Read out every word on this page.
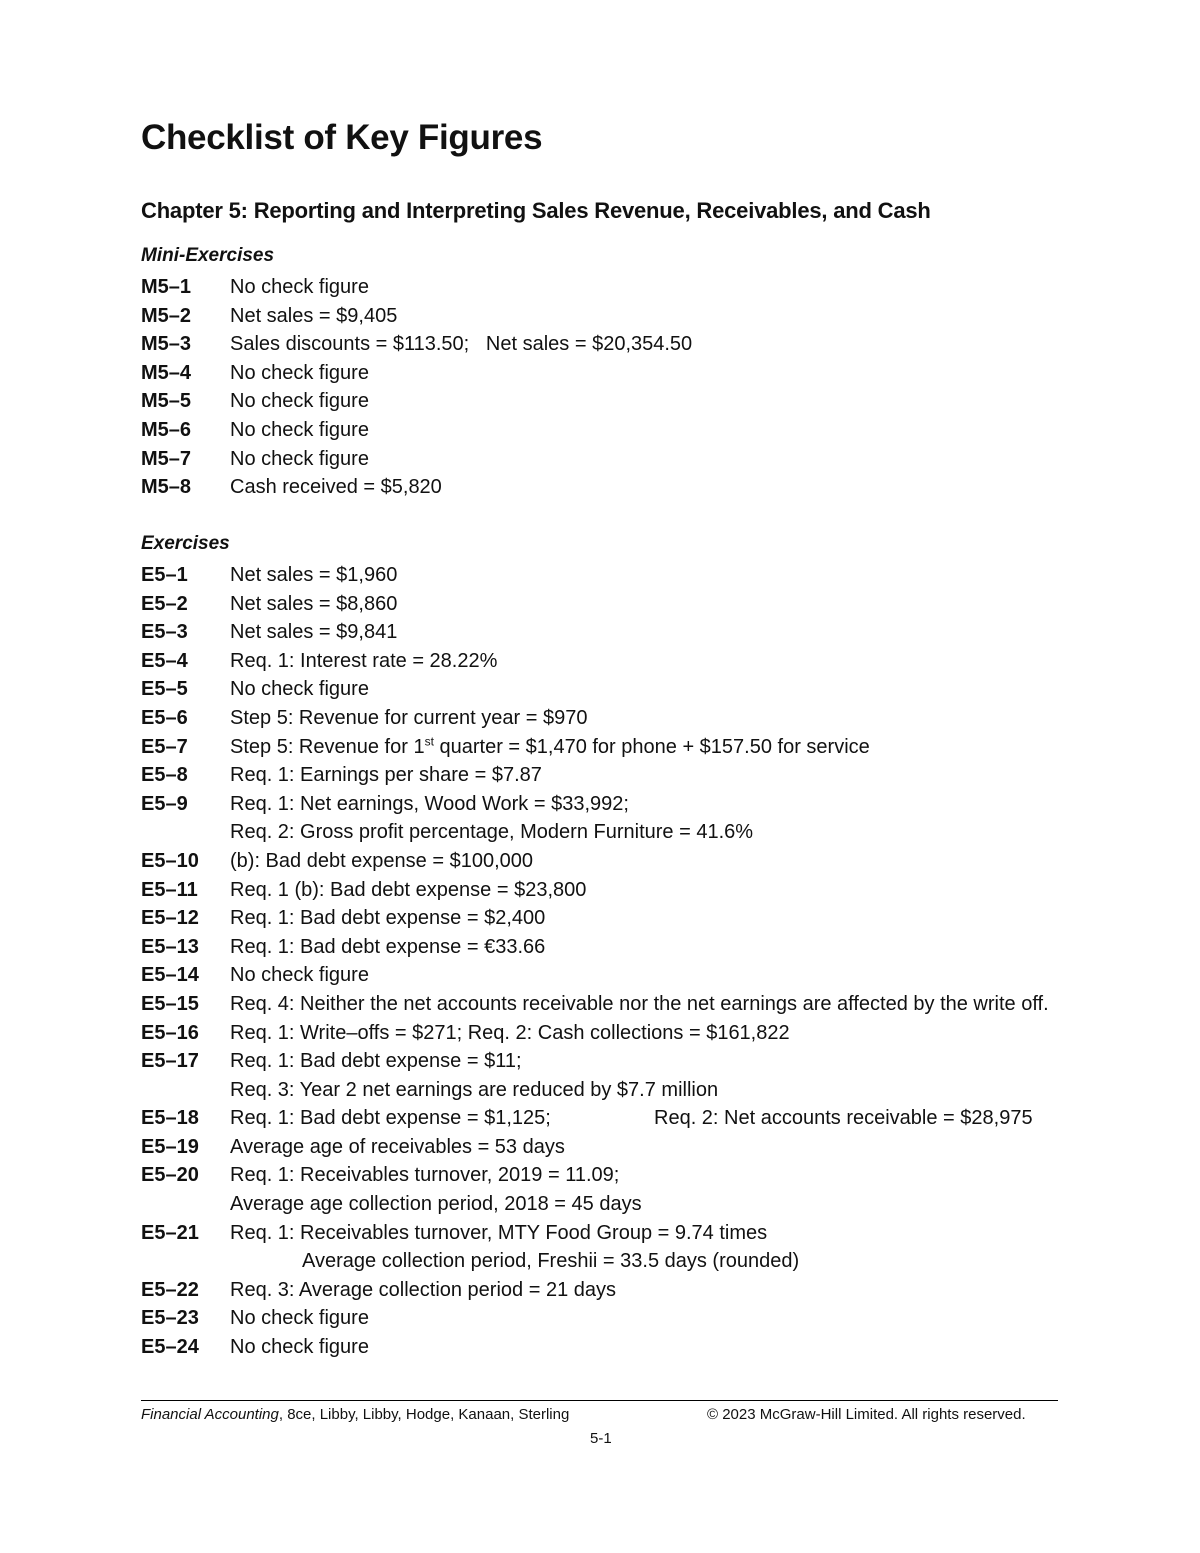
Checklist of Key Figures
Chapter 5: Reporting and Interpreting Sales Revenue, Receivables, and Cash
Mini-Exercises
M5–1 No check figure
M5–2 Net sales = $9,405
M5–3 Sales discounts = $113.50;   Net sales = $20,354.50
M5–4 No check figure
M5–5 No check figure
M5–6 No check figure
M5–7 No check figure
M5–8 Cash received = $5,820
Exercises
E5–1 Net sales = $1,960
E5–2 Net sales = $8,860
E5–3 Net sales = $9,841
E5–4 Req. 1: Interest rate = 28.22%
E5–5 No check figure
E5–6 Step 5: Revenue for current year = $970
E5–7 Step 5: Revenue for 1st quarter = $1,470 for phone + $157.50 for service
E5–8 Req. 1: Earnings per share = $7.87
E5–9 Req. 1: Net earnings, Wood Work = $33,992;
Req. 2: Gross profit percentage, Modern Furniture = 41.6%
E5–10 (b): Bad debt expense = $100,000
E5–11 Req. 1 (b): Bad debt expense = $23,800
E5–12 Req. 1: Bad debt expense = $2,400
E5–13 Req. 1: Bad debt expense = €33.66
E5–14 No check figure
E5–15 Req. 4: Neither the net accounts receivable nor the net earnings are affected by the write off.
E5–16 Req. 1: Write–offs = $271; Req. 2: Cash collections = $161,822
E5–17 Req. 1: Bad debt expense = $11;
Req. 3: Year 2 net earnings are reduced by $7.7 million
E5–18 Req. 1: Bad debt expense = $1,125;	Req. 2: Net accounts receivable = $28,975
E5–19 Average age of receivables = 53 days
E5–20 Req. 1: Receivables turnover, 2019 = 11.09;
Average age collection period, 2018 = 45 days
E5–21 Req. 1: Receivables turnover, MTY Food Group = 9.74 times
Average collection period, Freshii = 33.5 days (rounded)
E5–22 Req. 3: Average collection period = 21 days
E5–23 No check figure
E5–24 No check figure
Financial Accounting, 8ce, Libby, Libby, Hodge, Kanaan, Sterling	© 2023 McGraw-Hill Limited. All rights reserved.
5-1
